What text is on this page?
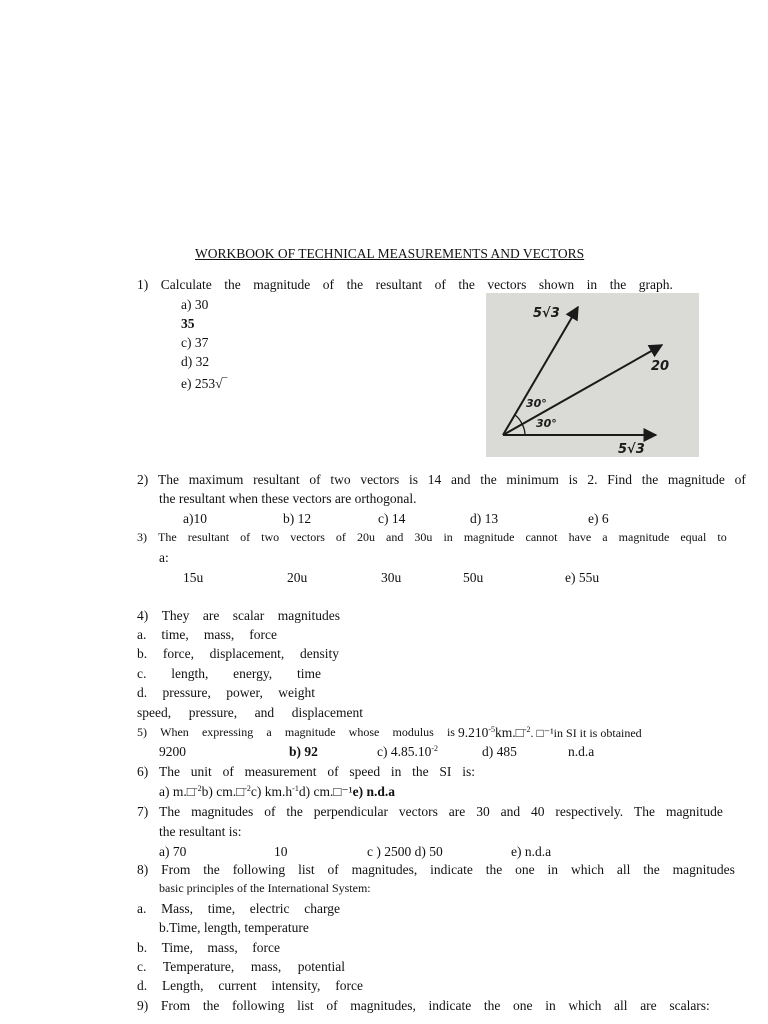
WORKBOOK OF TECHNICAL MEASUREMENTS AND VECTORS
1) Calculate the magnitude of the resultant of the vectors shown in the graph.
a) 30
35
c) 37
d) 32
e) 253√‾
5√3
20
5√3
30°
30°
2) The maximum resultant of two vectors is 14 and the minimum is 2. Find the magnitude of
the resultant when these vectors are orthogonal.
a)10	b) 12	c) 14	d) 13	e) 6
3) The resultant of two vectors of 20u and 30u in magnitude cannot have a magnitude equal to
a:
15u	20u	30u	50u	e) 55u
4) They are scalar magnitudes
a. time, mass, force
b. force, displacement, density
c. length, energy, time
d. pressure, power, weight
speed, pressure, and displacement
5) When expressing a magnitude whose modulus is $9.210^{-5}km.□^{-2}$. □⁻¹in SI it is obtained
9200	b) 92	c) $4.85.10^{-2}$	d) 485	n.d.a
6) The unit of measurement of speed in the SI is:
a) m.□$^{-2}$b) cm.□$^{-2}$c) $km.h^{-1}d$) cm.□⁻¹e) n.d.a
7) The magnitudes of the perpendicular vectors are 30 and 40 respectively. The magnitude
the resultant is:
a) 70	10	c ) 2500 d) 50	e) n.d.a
8) From the following list of magnitudes, indicate the one in which all the magnitudes
basic principles of the International System:
a. Mass, time, electric charge
b.Time, length, temperature
b. Time, mass, force
c. Temperature, mass, potential
d. Length, current intensity, force
9) From the following list of magnitudes, indicate the one in which all are scalars:
